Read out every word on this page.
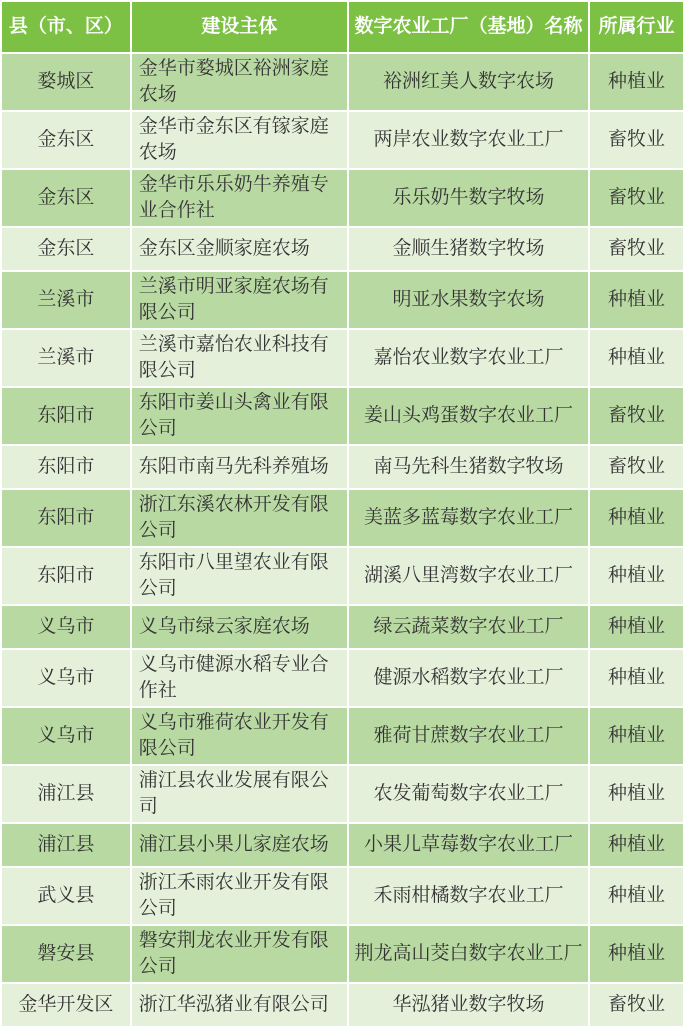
县（市、区）	建设主体	数字农业工厂（基地）名称	所属行业
婺城区	金华市婺城区裕洲家庭农场	裕洲红美人数字农场	种植业
金东区	金华市金东区有镓家庭农场	两岸农业数字农业工厂	畜牧业
金东区	金华市乐乐奶牛养殖专业合作社	乐乐奶牛数字牧场	畜牧业
金东区	金东区金顺家庭农场	金顺生猪数字牧场	畜牧业
兰溪市	兰溪市明亚家庭农场有限公司	明亚水果数字农场	种植业
兰溪市	兰溪市嘉怡农业科技有限公司	嘉怡农业数字农业工厂	种植业
东阳市	东阳市姜山头禽业有限公司	姜山头鸡蛋数字农业工厂	畜牧业
东阳市	东阳市南马先科养殖场	南马先科生猪数字牧场	畜牧业
东阳市	浙江东溪农林开发有限公司	美蓝多蓝莓数字农业工厂	种植业
东阳市	东阳市八里望农业有限公司	湖溪八里湾数字农业工厂	种植业
义乌市	义乌市绿云家庭农场	绿云蔬菜数字农业工厂	种植业
义乌市	义乌市健源水稻专业合作社	健源水稻数字农业工厂	种植业
义乌市	义乌市雅荷农业开发有限公司	雅荷甘蔗数字农业工厂	种植业
浦江县	浦江县农业发展有限公司	农发葡萄数字农业工厂	种植业
浦江县	浦江县小果儿家庭农场	小果儿草莓数字农业工厂	种植业
武义县	浙江禾雨农业开发有限公司	禾雨柑橘数字农业工厂	种植业
磐安县	磐安荆龙农业开发有限公司	荆龙高山茭白数字农业工厂	种植业
金华开发区	浙江华泓猪业有限公司	华泓猪业数字牧场	畜牧业
